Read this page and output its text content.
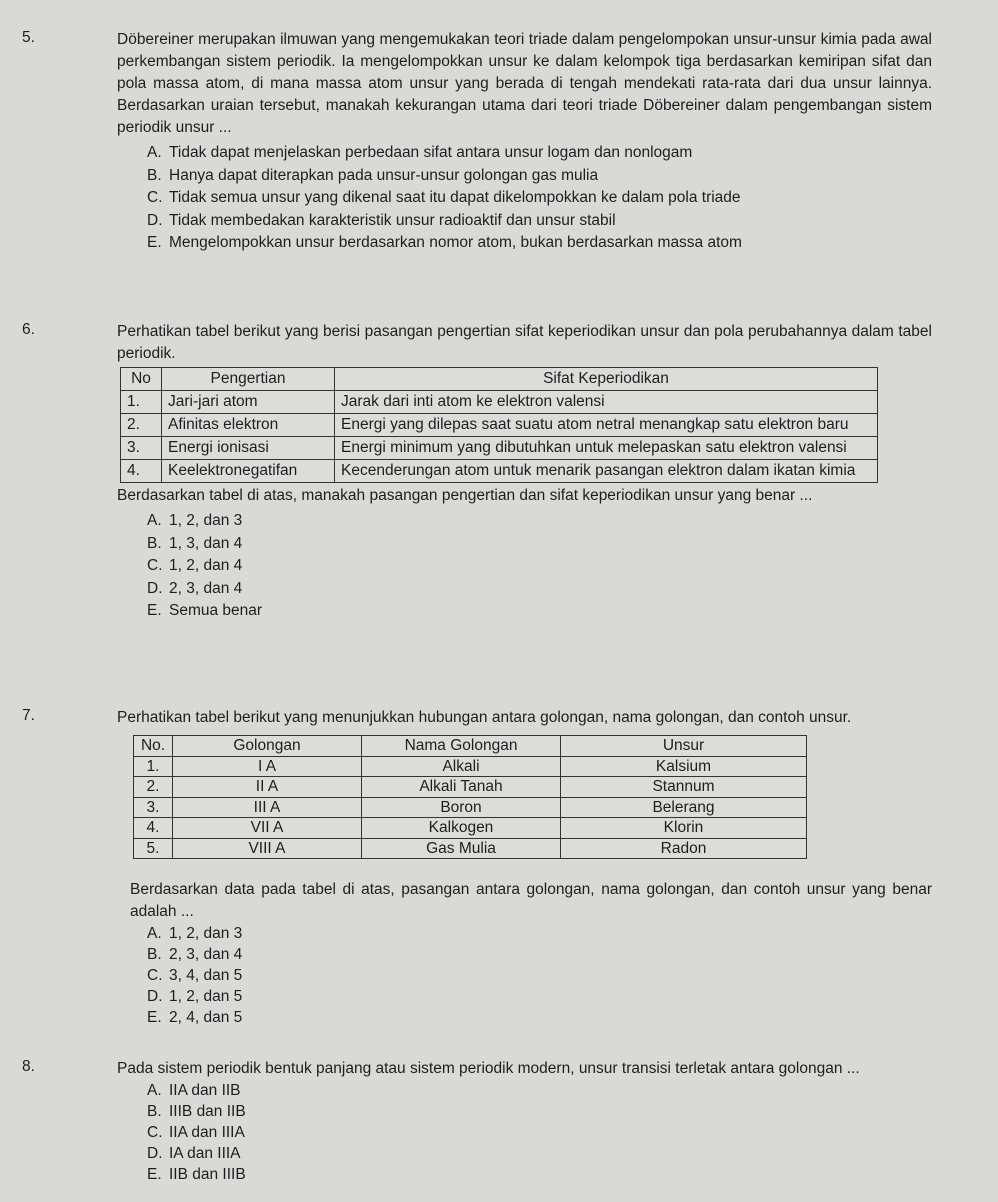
5.	Döbereiner merupakan ilmuwan yang mengemukakan teori triade dalam pengelompokan unsur-unsur kimia pada awal perkembangan sistem periodik. Ia mengelompokkan unsur ke dalam kelompok tiga berdasarkan kemiripan sifat dan pola massa atom, di mana massa atom unsur yang berada di tengah mendekati rata-rata dari dua unsur lainnya. Berdasarkan uraian tersebut, manakah kekurangan utama dari teori triade Döbereiner dalam pengembangan sistem periodik unsur ...
A. Tidak dapat menjelaskan perbedaan sifat antara unsur logam dan nonlogam
B. Hanya dapat diterapkan pada unsur-unsur golongan gas mulia
C. Tidak semua unsur yang dikenal saat itu dapat dikelompokkan ke dalam pola triade
D. Tidak membedakan karakteristik unsur radioaktif dan unsur stabil
E. Mengelompokkan unsur berdasarkan nomor atom, bukan berdasarkan massa atom
6.	Perhatikan tabel berikut yang berisi pasangan pengertian sifat keperiodikan unsur dan pola perubahannya dalam tabel periodik.
No	Pengertian	Sifat Keperiodikan
1.	Jari-jari atom	Jarak dari inti atom ke elektron valensi
2.	Afinitas elektron	Energi yang dilepas saat suatu atom netral menangkap satu elektron baru
3.	Energi ionisasi	Energi minimum yang dibutuhkan untuk melepaskan satu elektron valensi
4.	Keelektronegatifan	Kecenderungan atom untuk menarik pasangan elektron dalam ikatan kimia
Berdasarkan tabel di atas, manakah pasangan pengertian dan sifat keperiodikan unsur yang benar ...
A. 1, 2, dan 3
B. 1, 3, dan 4
C. 1, 2, dan 4
D. 2, 3, dan 4
E. Semua benar
7.	Perhatikan tabel berikut yang menunjukkan hubungan antara golongan, nama golongan, dan contoh unsur.
No.	Golongan	Nama Golongan	Unsur
1.	I A	Alkali	Kalsium
2.	II A	Alkali Tanah	Stannum
3.	III A	Boron	Belerang
4.	VII A	Kalkogen	Klorin
5.	VIII A	Gas Mulia	Radon
Berdasarkan data pada tabel di atas, pasangan antara golongan, nama golongan, dan contoh unsur yang benar adalah ...
A. 1, 2, dan 3
B. 2, 3, dan 4
C. 3, 4, dan 5
D. 1, 2, dan 5
E. 2, 4, dan 5
8.	Pada sistem periodik bentuk panjang atau sistem periodik modern, unsur transisi terletak antara golongan ...
A. IIA dan IIB
B. IIIB dan IIB
C. IIA dan IIIA
D. IA dan IIIA
E. IIB dan IIIB
